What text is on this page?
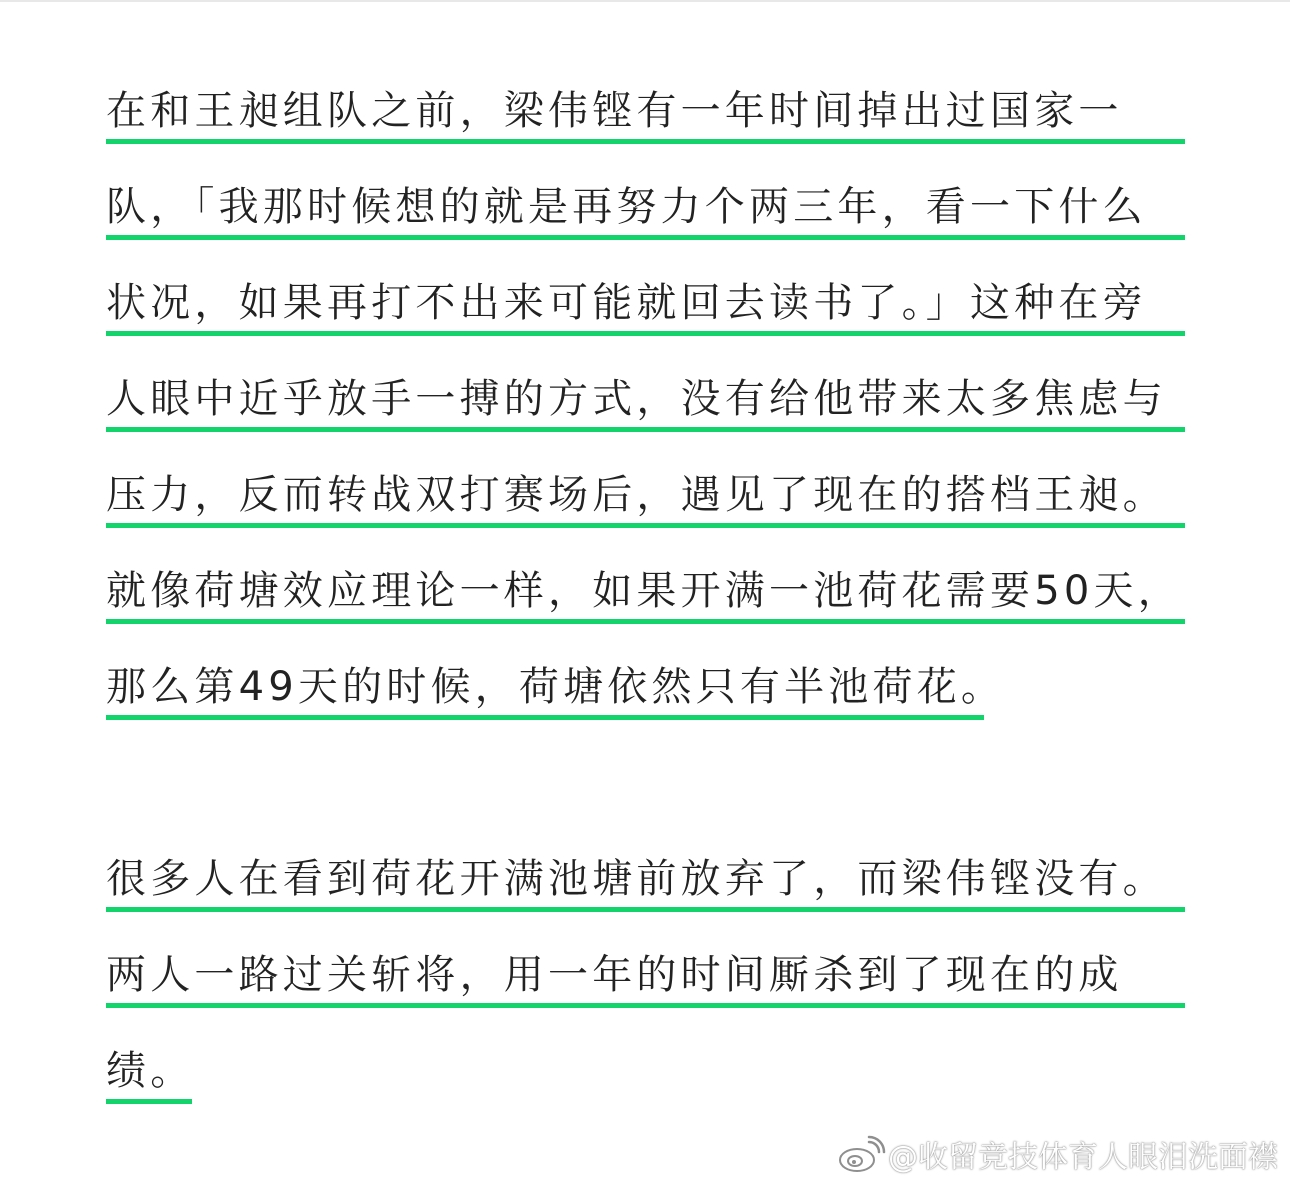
在和王昶组队之前，梁伟铿有一年时间掉出过国家一
队，「我那时候想的就是再努力个两三年，看一下什么
状况，如果再打不出来可能就回去读书了。」这种在旁
人眼中近乎放手一搏的方式，没有给他带来太多焦虑与
压力，反而转战双打赛场后，遇见了现在的搭档王昶。
就像荷塘效应理论一样，如果开满一池荷花需要50天，
那么第49天的时候，荷塘依然只有半池荷花。
很多人在看到荷花开满池塘前放弃了，而梁伟铿没有。
两人一路过关斩将，用一年的时间厮杀到了现在的成
绩。
@收留竞技体育人眼泪洗面襟
